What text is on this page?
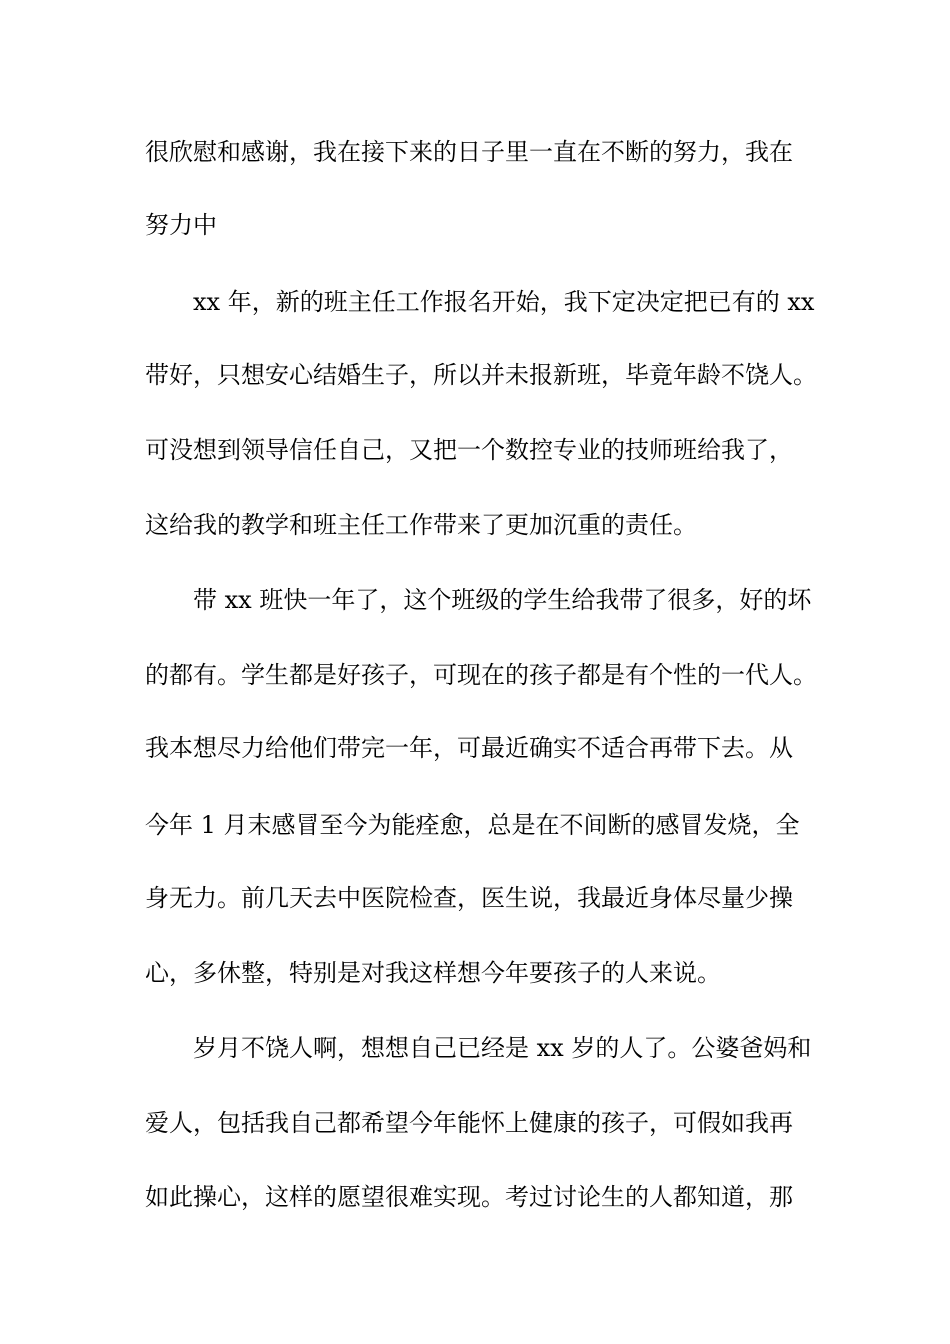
很欣慰和感谢，我在接下来的日子里一直在不断的努力，我在

努力中

xx 年，新的班主任工作报名开始，我下定决定把已有的 xx

带好，只想安心结婚生子，所以并未报新班，毕竟年龄不饶人。

可没想到领导信任自己，又把一个数控专业的技师班给我了，

这给我的教学和班主任工作带来了更加沉重的责任。

带 xx 班快一年了，这个班级的学生给我带了很多，好的坏

的都有。学生都是好孩子，可现在的孩子都是有个性的一代人。

我本想尽力给他们带完一年，可最近确实不适合再带下去。从

今年 1 月末感冒至今为能痊愈，总是在不间断的感冒发烧，全

身无力。前几天去中医院检查，医生说，我最近身体尽量少操

心，多休整，特别是对我这样想今年要孩子的人来说。

岁月不饶人啊，想想自己已经是 xx 岁的人了。公婆爸妈和

爱人，包括我自己都希望今年能怀上健康的孩子，可假如我再

如此操心，这样的愿望很难实现。考过讨论生的人都知道，那
